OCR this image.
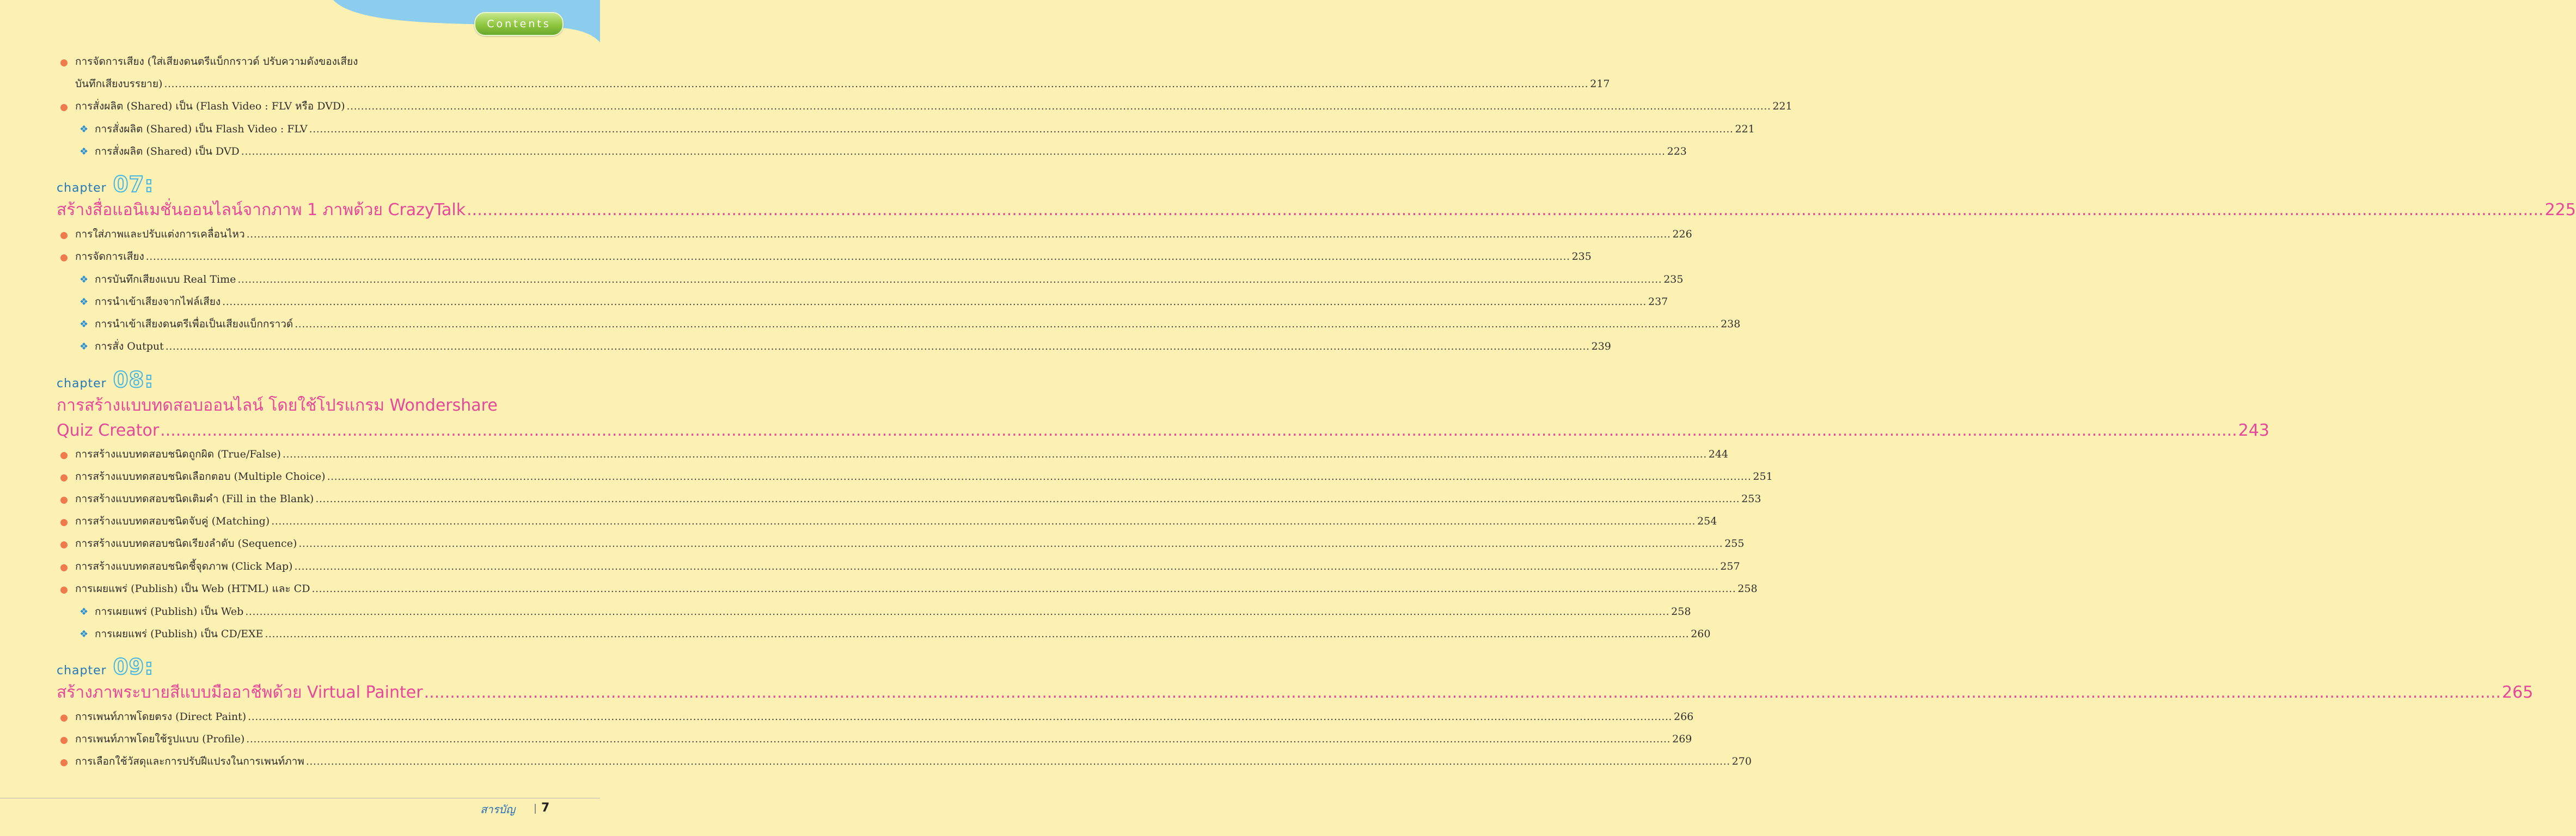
Contents
การจัดการเสียง (ใส่เสียงดนตรีแบ็กกราวด์ ปรับความดังของเสียง
บันทึกเสียงบรรยาย) ................................................................................................................................................................................................................................................................................................................................................................................................................ 217
การสั่งผลิต (Shared) เป็น (Flash Video : FLV หรือ DVD) ................................................................................................................................................................................................................................................................................................................................................................................................................ 221
❖ การสั่งผลิต (Shared) เป็น Flash Video : FLV ................................................................................................................................................................................................................................................................................................................................................................................................................ 221
❖ การสั่งผลิต (Shared) เป็น DVD ................................................................................................................................................................................................................................................................................................................................................................................................................ 223
chapter 07:
สร้างสื่อแอนิเมชั่นออนไลน์จากภาพ 1 ภาพด้วย CrazyTalk ................................................................................................................................................................................................................................................................................................................................................................................................................ 225
การใส่ภาพและปรับแต่งการเคลื่อนไหว ................................................................................................................................................................................................................................................................................................................................................................................................................ 226
การจัดการเสียง ................................................................................................................................................................................................................................................................................................................................................................................................................ 235
❖ การบันทึกเสียงแบบ Real Time ................................................................................................................................................................................................................................................................................................................................................................................................................ 235
❖ การนำเข้าเสียงจากไฟล์เสียง ................................................................................................................................................................................................................................................................................................................................................................................................................ 237
❖ การนำเข้าเสียงดนตรีเพื่อเป็นเสียงแบ็กกราวด์ ................................................................................................................................................................................................................................................................................................................................................................................................................ 238
❖ การสั่ง Output ................................................................................................................................................................................................................................................................................................................................................................................................................ 239
chapter 08:
การสร้างแบบทดสอบออนไลน์ โดยใช้โปรแกรม Wondershare
Quiz Creator ................................................................................................................................................................................................................................................................................................................................................................................................................ 243
การสร้างแบบทดสอบชนิดถูกผิด (True/False) ................................................................................................................................................................................................................................................................................................................................................................................................................ 244
การสร้างแบบทดสอบชนิดเลือกตอบ (Multiple Choice) ................................................................................................................................................................................................................................................................................................................................................................................................................ 251
การสร้างแบบทดสอบชนิดเติมคำ (Fill in the Blank) ................................................................................................................................................................................................................................................................................................................................................................................................................ 253
การสร้างแบบทดสอบชนิดจับคู่ (Matching) ................................................................................................................................................................................................................................................................................................................................................................................................................ 254
การสร้างแบบทดสอบชนิดเรียงลำดับ (Sequence) ................................................................................................................................................................................................................................................................................................................................................................................................................ 255
การสร้างแบบทดสอบชนิดชี้จุดภาพ (Click Map) ................................................................................................................................................................................................................................................................................................................................................................................................................ 257
การเผยแพร่ (Publish) เป็น Web (HTML) และ CD ................................................................................................................................................................................................................................................................................................................................................................................................................ 258
❖ การเผยแพร่ (Publish) เป็น Web ................................................................................................................................................................................................................................................................................................................................................................................................................ 258
❖ การเผยแพร่ (Publish) เป็น CD/EXE ................................................................................................................................................................................................................................................................................................................................................................................................................ 260
chapter 09:
สร้างภาพระบายสีแบบมืออาชีพด้วย Virtual Painter ................................................................................................................................................................................................................................................................................................................................................................................................................ 265
การเพนท์ภาพโดยตรง (Direct Paint) ................................................................................................................................................................................................................................................................................................................................................................................................................ 266
การเพนท์ภาพโดยใช้รูปแบบ (Profile) ................................................................................................................................................................................................................................................................................................................................................................................................................ 269
การเลือกใช้วัสดุและการปรับฝีแปรงในการเพนท์ภาพ ................................................................................................................................................................................................................................................................................................................................................................................................................ 270
สารบัญ 7
